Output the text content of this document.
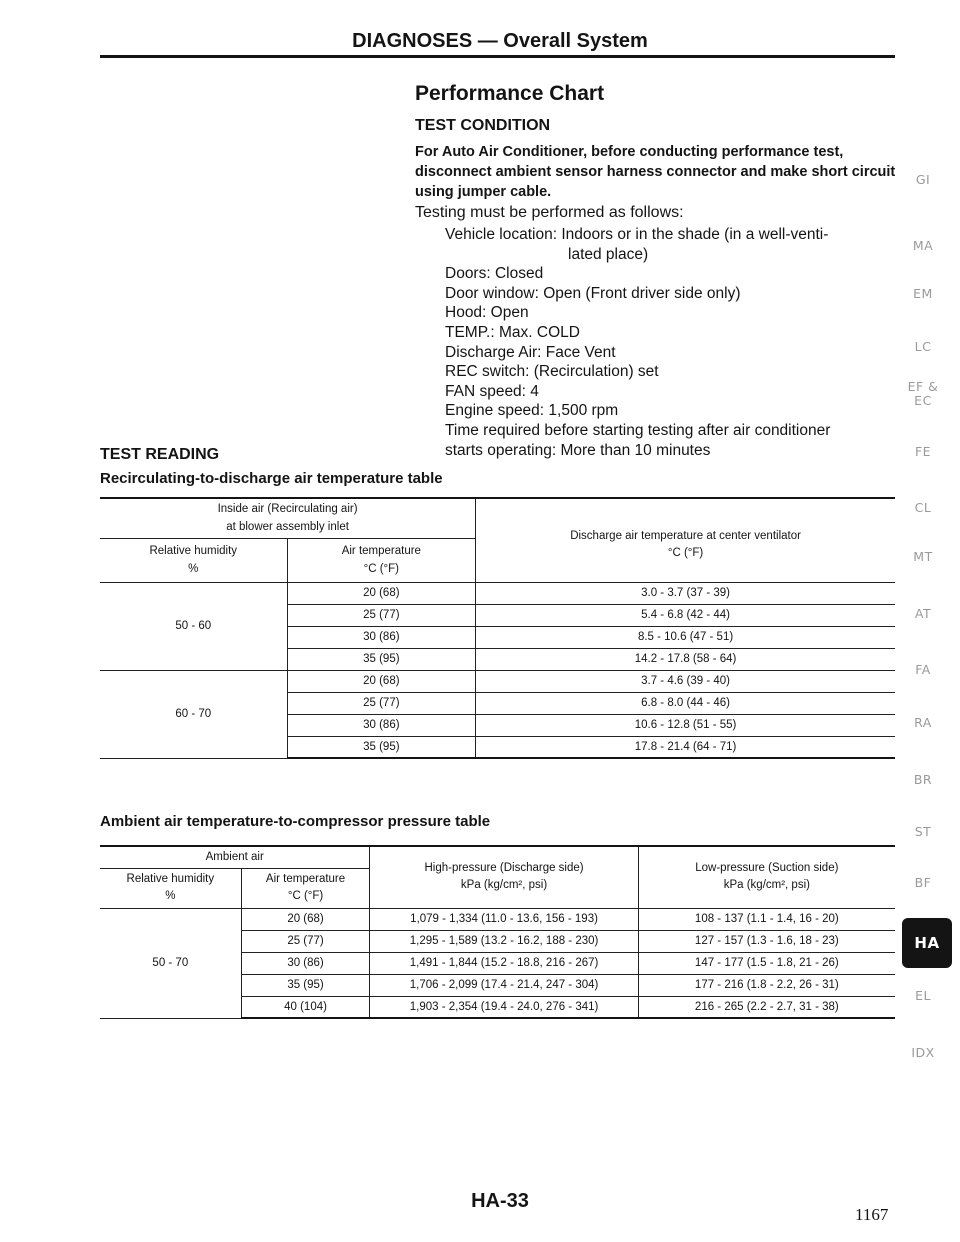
DIAGNOSES — Overall System
Performance Chart
TEST CONDITION
For Auto Air Conditioner, before conducting performance test, disconnect ambient sensor harness connector and make short circuit using jumper cable.
Testing must be performed as follows:
Vehicle location: Indoors or in the shade (in a well-venti-
lated place)
Doors: Closed
Door window: Open (Front driver side only)
Hood: Open
TEMP.: Max. COLD
Discharge Air: Face Vent
REC switch: (Recirculation) set
FAN speed: 4
Engine speed: 1,500 rpm
Time required before starting testing after air conditioner
starts operating: More than 10 minutes
TEST READING
Recirculating-to-discharge air temperature table
Inside air (Recirculating air)
at blower assembly inlet		Discharge air temperature at center ventilator
°C (°F)
Relative humidity
%	Air temperature
°C (°F)	
50 - 60	20 (68)	3.0 - 3.7 (37 - 39)
	25 (77)	5.4 - 6.8 (42 - 44)
	30 (86)	8.5 - 10.6 (47 - 51)
	35 (95)	14.2 - 17.8 (58 - 64)
60 - 70	20 (68)	3.7 - 4.6 (39 - 40)
	25 (77)	6.8 - 8.0 (44 - 46)
	30 (86)	10.6 - 12.8 (51 - 55)
	35 (95)	17.8 - 21.4 (64 - 71)
Ambient air temperature-to-compressor pressure table
Ambient air		High-pressure (Discharge side)
kPa (kg/cm², psi)	Low-pressure (Suction side)
kPa (kg/cm², psi)
Relative humidity
%	Air temperature
°C (°F)		
50 - 70	20 (68)	1,079 - 1,334 (11.0 - 13.6, 156 - 193)	108 - 137 (1.1 - 1.4, 16 - 20)
	25 (77)	1,295 - 1,589 (13.2 - 16.2, 188 - 230)	127 - 157 (1.3 - 1.6, 18 - 23)
	30 (86)	1,491 - 1,844 (15.2 - 18.8, 216 - 267)	147 - 177 (1.5 - 1.8, 21 - 26)
	35 (95)	1,706 - 2,099 (17.4 - 21.4, 247 - 304)	177 - 216 (1.8 - 2.2, 26 - 31)
	40 (104)	1,903 - 2,354 (19.4 - 24.0, 276 - 341)	216 - 265 (2.2 - 2.7, 31 - 38)
GI
MA
EM
LC
EF &
EC
FE
CL
MT
AT
FA
RA
BR
ST
BF
HA
EL
IDX
HA-33
1167
